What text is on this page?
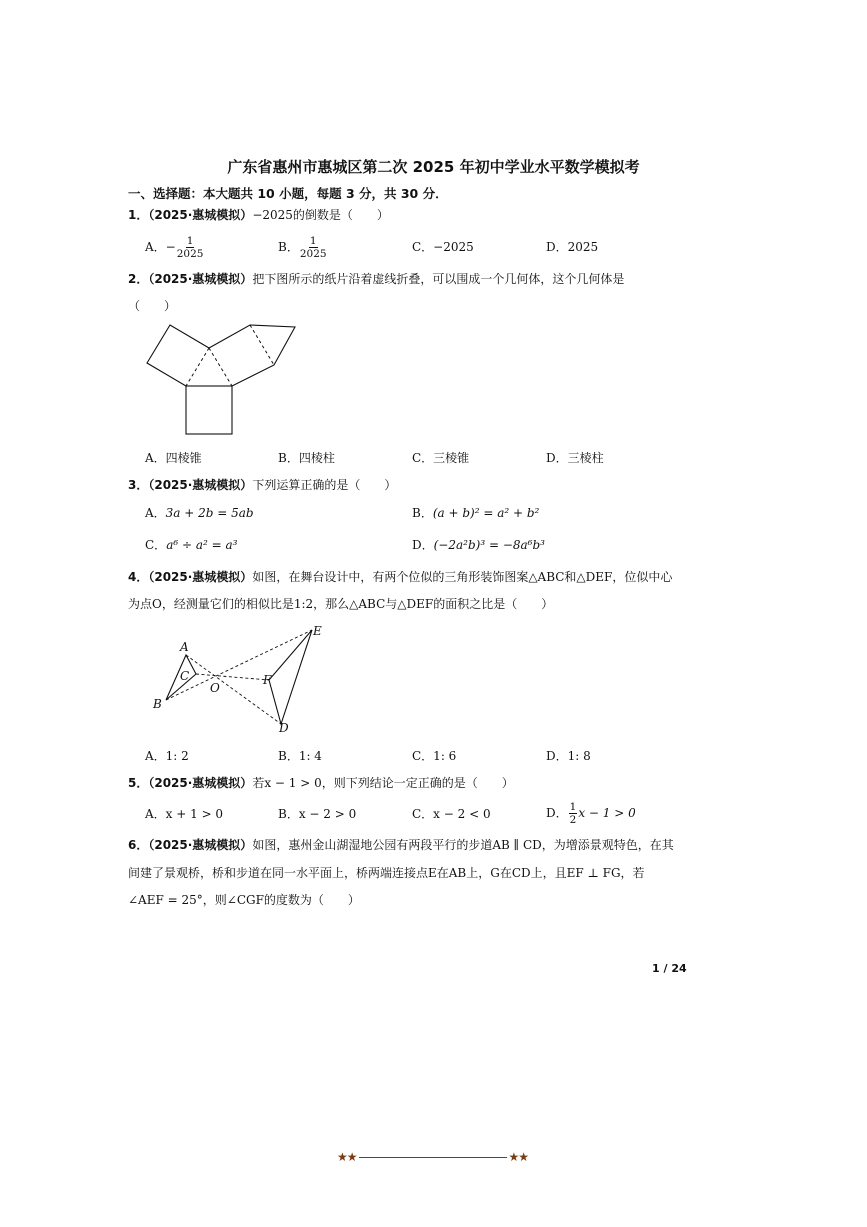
广东省惠州市惠城区第二次 2025 年初中学业水平数学模拟考
一、选择题：本大题共 10 小题，每题 3 分，共 30 分．
1．（2025·惠城模拟）−2025的倒数是（　　）
A．− $\frac{1}{2025}$	B． $\frac{1}{2025}$	C．−2025	D．2025
2．（2025·惠城模拟）把下图所示的纸片沿着虚线折叠，可以围成一个几何体，这个几何体是
（　　）
A．四棱锥	B．四棱柱	C．三棱锥	D．三棱柱
3．（2025·惠城模拟）下列运算正确的是（　　）
A．3a + 2b = 5ab	B．(a + b)² = a² + b²
C．a⁶ ÷ a² = a³	D．(−2a²b)³ = −8a⁶b³
4．（2025·惠城模拟）如图，在舞台设计中，有两个位似的三角形装饰图案△ABC和△DEF，位似中心
为点O，经测量它们的相似比是1:2，那么△ABC与△DEF的面积之比是（　　）
A
B
C
O
E
F
D
A．1: 2	B．1: 4	C．1: 6	D．1: 8
5．（2025·惠城模拟）若x − 1 > 0，则下列结论一定正确的是（　　）
A．x + 1 > 0	B．x − 2 > 0	C．x − 2 < 0	D． $\frac{1}{2}$ x − 1 > 0
6．（2025·惠城模拟）如图，惠州金山湖湿地公园有两段平行的步道AB ∥ CD，为增添景观特色，在其
间建了景观桥，桥和步道在同一水平面上，桥两端连接点E在AB上，G在CD上，且EF ⊥ FG，若
∠AEF = 25°，则∠CGF的度数为（　　）
1 / 24
★★	★★
